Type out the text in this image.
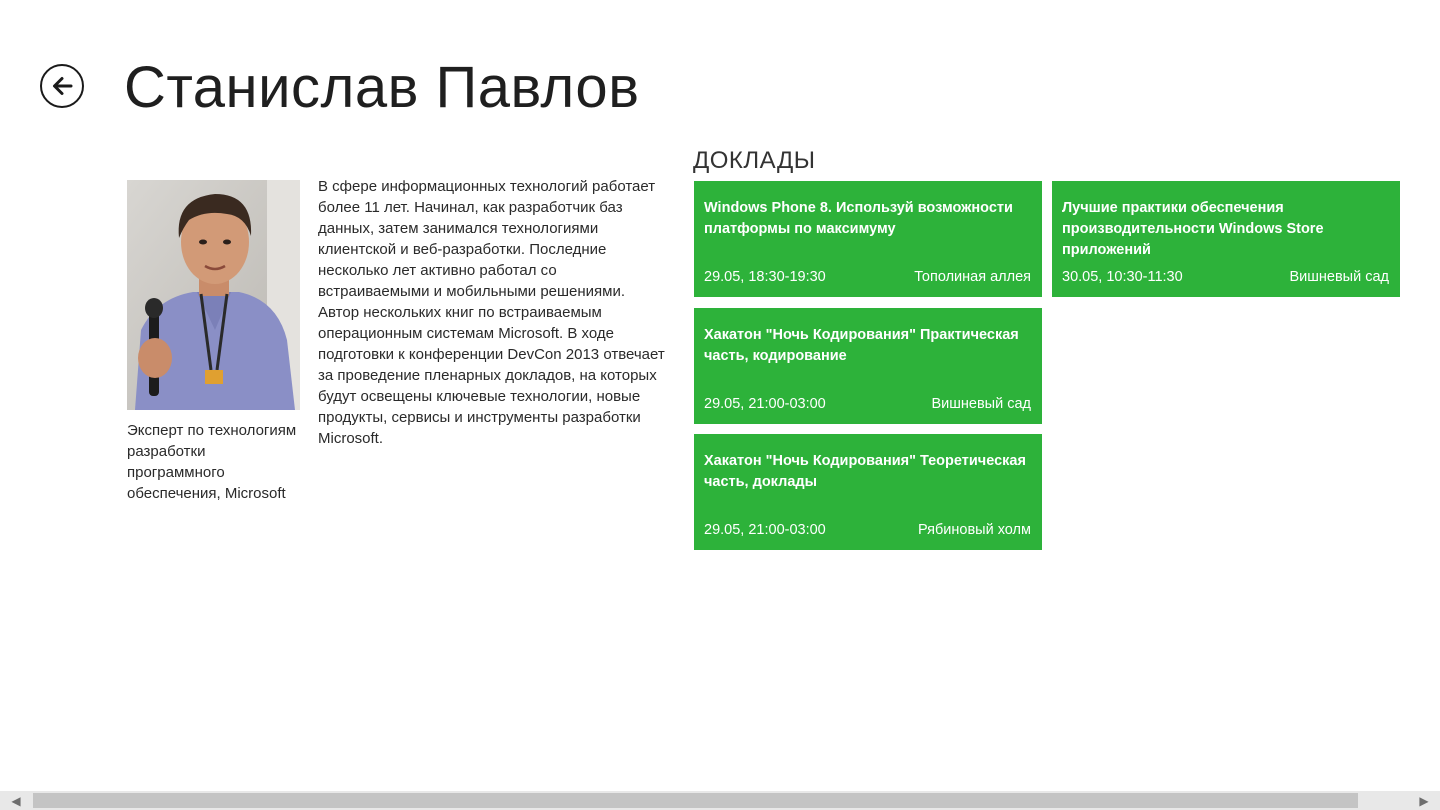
Станислав Павлов
Эксперт по технологиям разработки программного обеспечения, Microsoft
В сфере информационных технологий работает более 11 лет. Начинал, как разработчик баз данных, затем занимался технологиями клиентской и веб-разработки. Последние несколько лет активно работал со встраиваемыми и мобильными решениями. Автор нескольких книг по встраиваемым операционным системам Microsoft. В ходе подготовки к конференции DevCon 2013 отвечает за проведение пленарных докладов, на которых будут освещены ключевые технологии, новые продукты, сервисы и инструменты разработки Microsoft.
ДОКЛАДЫ
Windows Phone 8. Используй возможности платформы по максимуму
29.05, 18:30-19:30	Тополиная аллея
Хакатон "Ночь Кодирования" Практическая часть, кодирование
29.05, 21:00-03:00	Вишневый сад
Хакатон "Ночь Кодирования" Теоретическая часть, доклады
29.05, 21:00-03:00	Рябиновый холм
Лучшие практики обеспечения производительности Windows Store приложений
30.05, 10:30-11:30	Вишневый сад
◀	▶
